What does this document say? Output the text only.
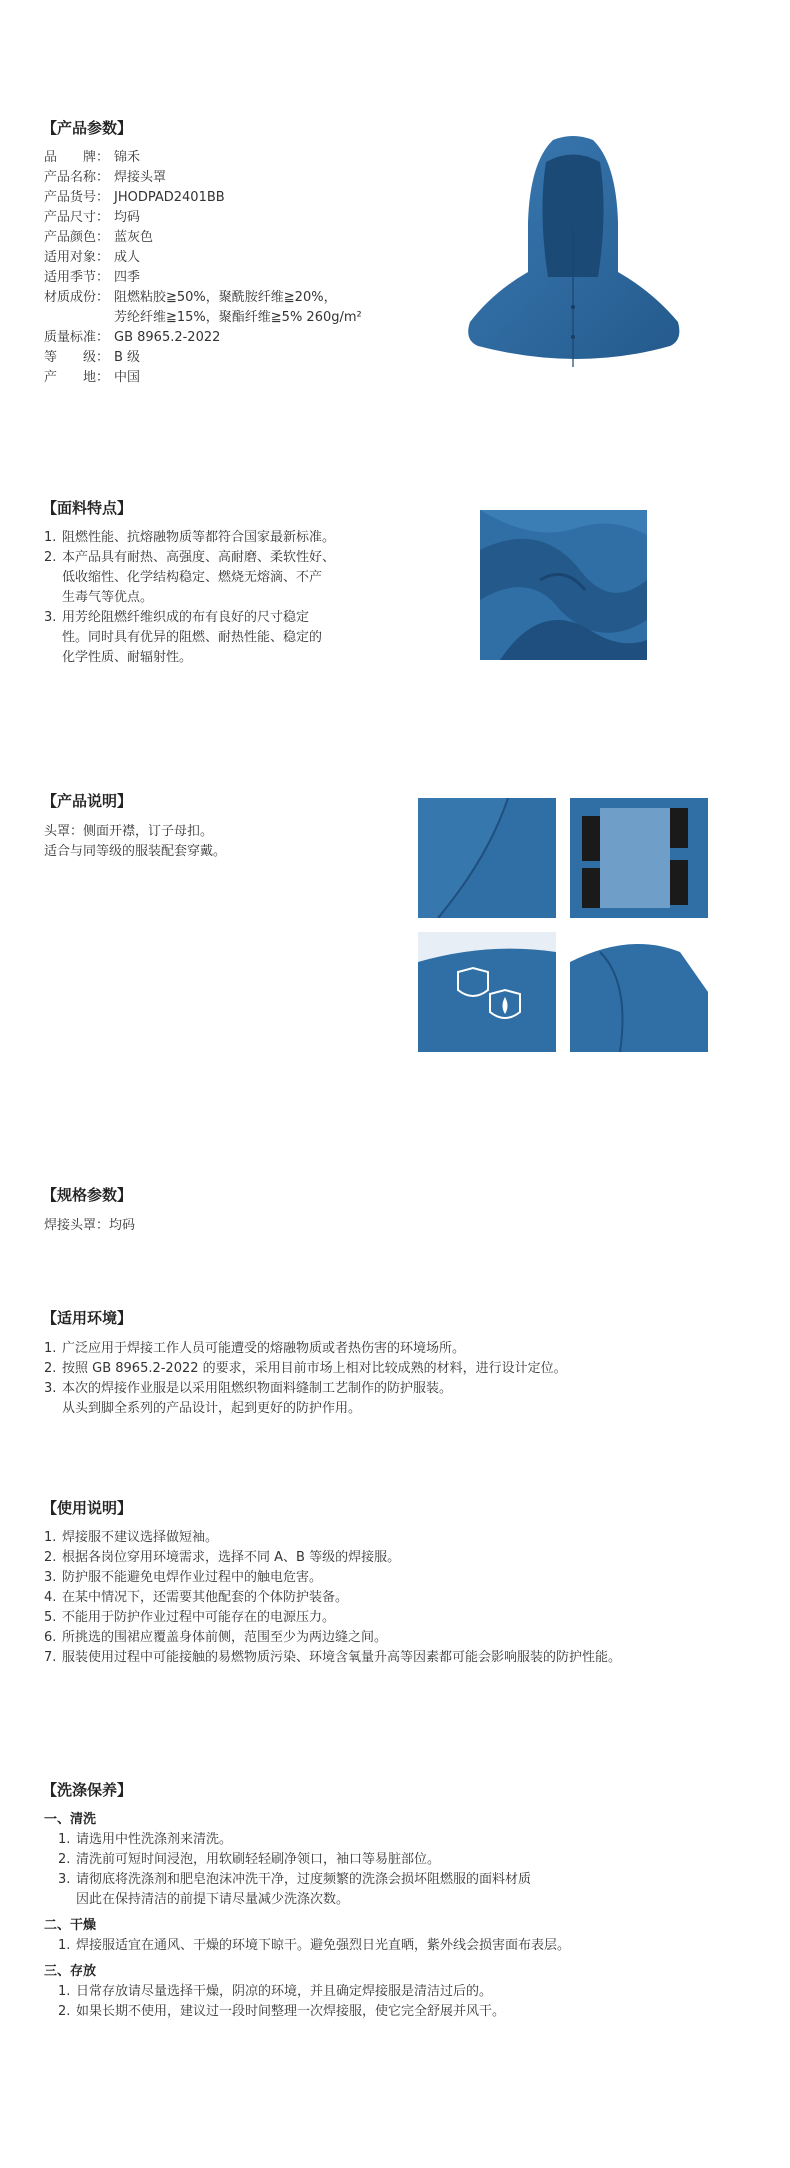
【产品参数】
品　　牌： 锦禾
产品名称： 焊接头罩
产品货号： JHODPAD2401BB
产品尺寸： 均码
产品颜色： 蓝灰色
适用对象： 成人
适用季节： 四季
材质成份： 阻燃粘胶≧50%，聚酰胺纤维≧20%，
芳纶纤维≧15%，聚酯纤维≧5% 260g/m²
质量标准： GB 8965.2-2022
等　　级： B 级
产　　地： 中国
【面料特点】
1. 阻燃性能、抗熔融物质等都符合国家最新标准。
2. 本产品具有耐热、高强度、高耐磨、柔软性好、
低收缩性、化学结构稳定、燃烧无熔滴、不产
生毒气等优点。
3. 用芳纶阻燃纤维织成的布有良好的尺寸稳定
性。同时具有优异的阻燃、耐热性能、稳定的
化学性质、耐辐射性。
【产品说明】
头罩：侧面开襟，订子母扣。
适合与同等级的服装配套穿戴。
【规格参数】
焊接头罩：均码
【适用环境】
1. 广泛应用于焊接工作人员可能遭受的熔融物质或者热伤害的环境场所。
2. 按照 GB 8965.2-2022 的要求，采用目前市场上相对比较成熟的材料，进行设计定位。
3. 本次的焊接作业服是以采用阻燃织物面料缝制工艺制作的防护服装。
从头到脚全系列的产品设计，起到更好的防护作用。
【使用说明】
1. 焊接服不建议选择做短袖。
2. 根据各岗位穿用环境需求，选择不同 A、B 等级的焊接服。
3. 防护服不能避免电焊作业过程中的触电危害。
4. 在某中情况下，还需要其他配套的个体防护装备。
5. 不能用于防护作业过程中可能存在的电源压力。
6. 所挑选的围裙应覆盖身体前侧，范围至少为两边缝之间。
7. 服装使用过程中可能接触的易燃物质污染、环境含氧量升高等因素都可能会影响服装的防护性能。
【洗涤保养】
一、清洗
1. 请选用中性洗涤剂来清洗。
2. 清洗前可短时间浸泡，用软刷轻轻刷净领口，袖口等易脏部位。
3. 请彻底将洗涤剂和肥皂泡沫冲洗干净，过度频繁的洗涤会损坏阻燃服的面料材质
因此在保持清洁的前提下请尽量减少洗涤次数。
二、干燥
1. 焊接服适宜在通风、干燥的环境下晾干。避免强烈日光直晒，紫外线会损害面布表层。
三、存放
1. 日常存放请尽量选择干燥，阴凉的环境，并且确定焊接服是清洁过后的。
2. 如果长期不使用，建议过一段时间整理一次焊接服，使它完全舒展并风干。
